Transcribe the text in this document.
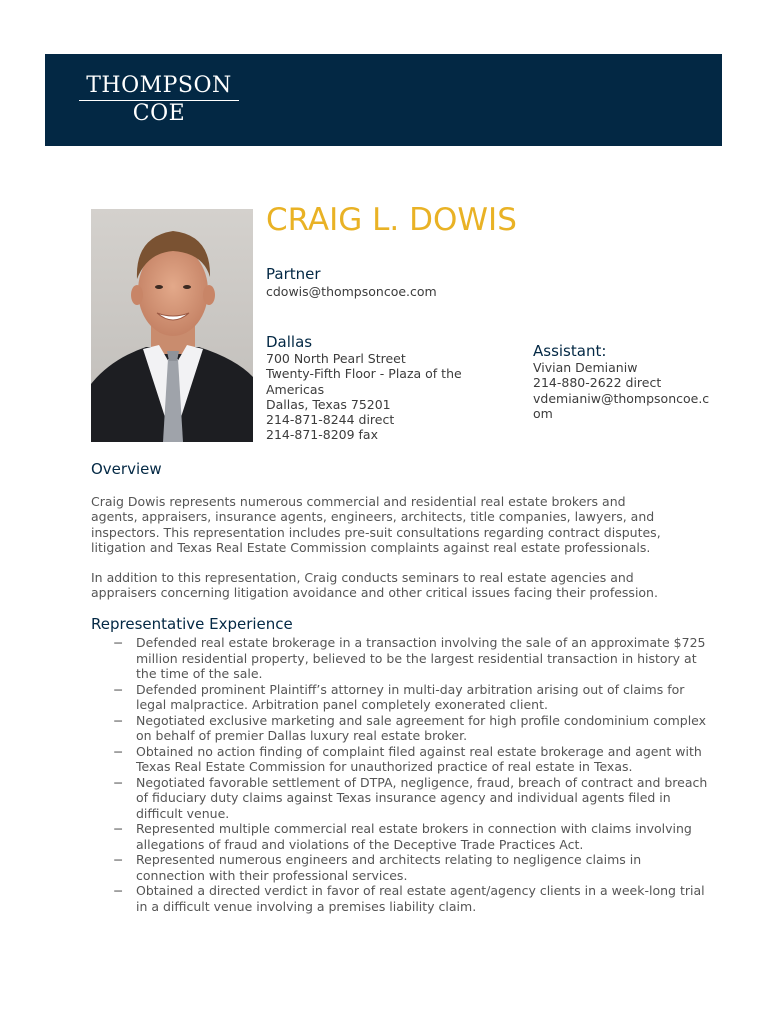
THOMPSON
COE
CRAIG L. DOWIS
Partner
cdowis@thompsoncoe.com
Dallas
700 North Pearl Street
Twenty-Fifth Floor - Plaza of the
Americas
Dallas, Texas 75201
214-871-8244 direct
214-871-8209 fax
Assistant:
Vivian Demianiw
214-880-2622 direct
vdemianiw@thompsoncoe.c
om
Overview

Craig Dowis represents numerous commercial and residential real estate brokers and
agents, appraisers, insurance agents, engineers, architects, title companies, lawyers, and
inspectors. This representation includes pre-suit consultations regarding contract disputes,
litigation and Texas Real Estate Commission complaints against real estate professionals.

In addition to this representation, Craig conducts seminars to real estate agencies and
appraisers concerning litigation avoidance and other critical issues facing their profession.

Representative Experience
− Defended real estate brokerage in a transaction involving the sale of an approximate $725 million residential property, believed to be the largest residential transaction in history at the time of the sale.
− Defended prominent Plaintiff’s attorney in multi-day arbitration arising out of claims for legal malpractice. Arbitration panel completely exonerated client.
− Negotiated exclusive marketing and sale agreement for high profile condominium complex on behalf of premier Dallas luxury real estate broker.
− Obtained no action finding of complaint filed against real estate brokerage and agent with Texas Real Estate Commission for unauthorized practice of real estate in Texas.
− Negotiated favorable settlement of DTPA, negligence, fraud, breach of contract and breach of fiduciary duty claims against Texas insurance agency and individual agents filed in difficult venue.
− Represented multiple commercial real estate brokers in connection with claims involving allegations of fraud and violations of the Deceptive Trade Practices Act.
− Represented numerous engineers and architects relating to negligence claims in connection with their professional services.
− Obtained a directed verdict in favor of real estate agent/agency clients in a week-long trial in a difficult venue involving a premises liability claim.
